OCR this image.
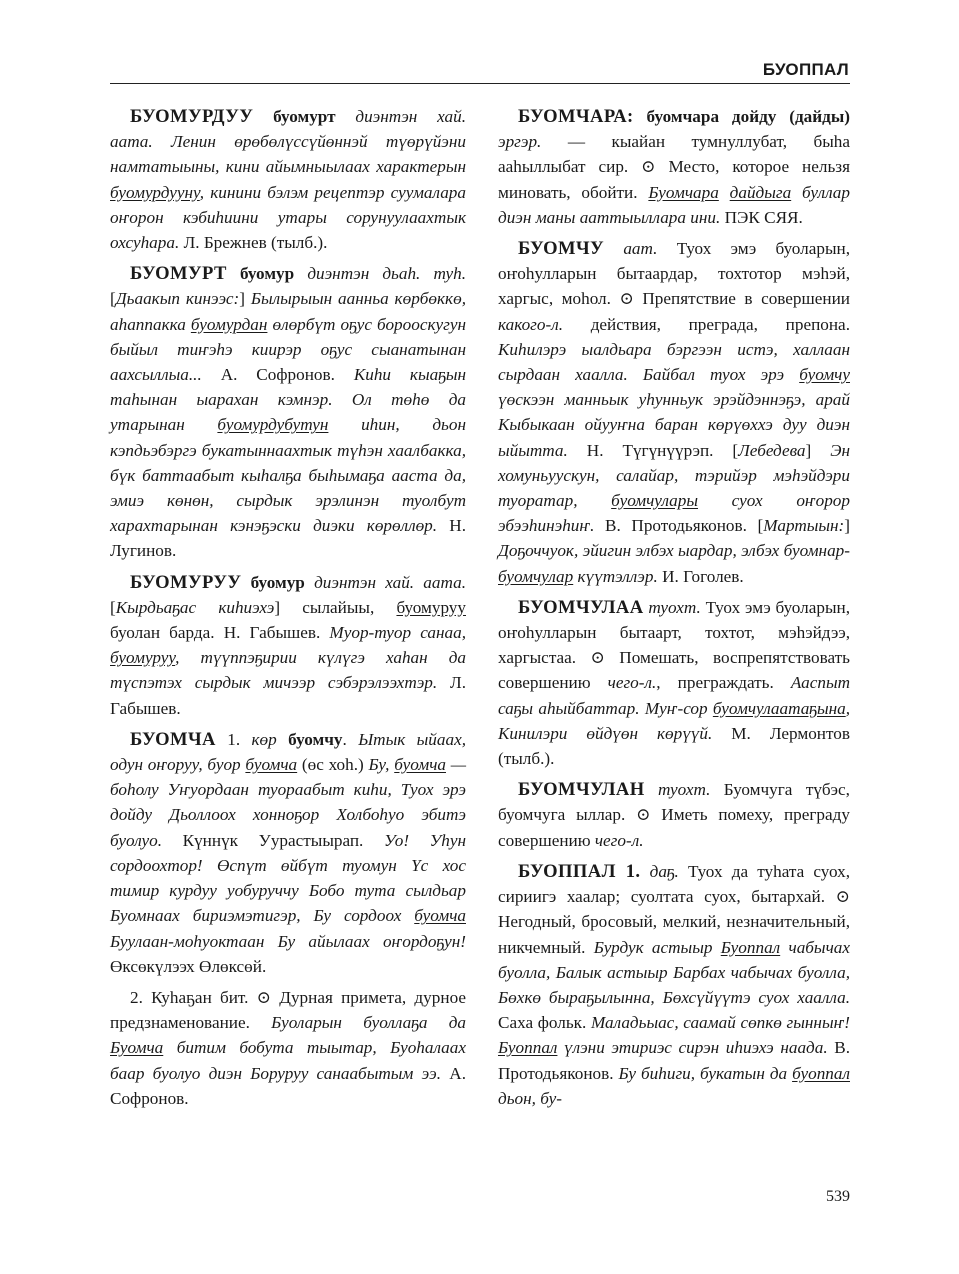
БУОППАЛ

БУОМУРДУУ буомурт диэнтэн хай. аата. Ленин өрөбөлүссүйөннэй түөрүйэни намтатыыны, кини айымныылаах характерын буомурдууну, кинини бэлэм рецептэр суумалара оҥорон кэбиһиини утары сорунуулаахтык охсуһара. Л. Брежнев (тылб.).

БУОМУРТ буомур диэнтэн дьаһ. туһ. [Дьаакып кинээс:] Былырыын аанньа көрбөккө, аһаппакка буомурдан өлөрбүт оҕус борооскугун быйыл тиҥэһэ киирэр оҕус сыанатынан аахсыллыа... А. Софронов. Киһи кыаҕын таһынан ыарахан кэмнэр. Ол төһө да утарынан буомурдубутун иһин, дьон кэпдьэбэргэ букатыннаахтык түһэн хаалбакка, бүк баттаабыт кыһалҕа быһымаҕа ааста да, эмиэ көнөн, сырдык эрэлинэн туолбут харахтарынан кэнэҕэски диэки көрөллөр. Н. Лугинов.

БУОМУРУУ буомур диэнтэн хай. аата. [Кырдьаҕас киһиэхэ] сылайыы, буомуруу буолан барда. Н. Габышев. Муор-туор санаа, буомуруу, түүппэҕирии күлүгэ хаһан да түспэтэх сырдык мичээр сэбэрэлээхтэр. Л. Габышев.

БУОМЧА 1. көр буомчу. Ытык ыйаах, одун оҥоруу, буор буомча (өс хоһ.) Бу, буомча — боһолу Уҥуордаан туораабыт киһи, Туох эрэ дойду Дьоллоох хонноҕор Холбоһуо эбитэ буолуо. Күннүк Уурастыырап. Уо! Уһун сордоохтор! Өспүт өйбүт туомун Үс хос тимир курдуу уобуруччу Бобо тута сылдьар Буомнаах бириэмэтигэр, Бу сордоох буомча Буулаан-моһуоктаан Бу айылаах оҥордоҕун! Өксөкүлээх Өлөксөй.

2. Куһаҕан бит. ⊙ Дурная примета, дурное предзнаменование. Буоларын буоллаҕа да Буомча битим бобута тыытар, Буоһалаах баар буолуо диэн Боруруу санаабытым ээ. А. Софронов.

БУОМЧАРА: буомчара дойду (дайды) эргэр. — кыайан тумнуллубат, быһа ааһыллыбат сир. ⊙ Место, которое нельзя миновать, обойти. Буомчара дайдыга буллар диэн маны ааттыыллара ини. ПЭК СЯЯ.

БУОМЧУ аат. Туох эмэ буоларын, оҥоһулларын бытаардар, тохтотор мэһэй, харгыс, моһол. ⊙ Препятствие в совершении какого-л. действия, преграда, препона. Киһилэрэ ыалдьара бэргээн истэ, халлаан сырдаан хаалла. Байбал туох эрэ буомчу үөскээн манньык уһунньук эрэйдэннэҕэ, арай Кыбыкаан ойууҥна баран көрүөххэ дуу диэн ыйытта. Н. Түгүнүүрэп. [Лебедева] Эн хомуньуускун, салайар, тэрийэр мэһэйдэри туоратар, буомчулары суох оҥорор эбээһинэһиҥ. В. Протодьяконов. [Мартыын:] Доҕоччуок, эйигин элбэх ыардар, элбэх буомнар-буомчулар күүтэллэр. И. Гоголев.

БУОМЧУЛАА туохт. Туох эмэ буоларын, оҥоһулларын бытаарт, тохтот, мэһэйдээ, харгыстаа. ⊙ Помешать, воспрепятствовать совершению чего-л., преграждать. Ааспыт саҕы аһыйбаттар. Муҥ-сор буомчулаатаҕына, Кинилэри өйдүөн көрүүй. М. Лермонтов (тылб.).

БУОМЧУЛАН туохт. Буомчуга түбэс, буомчуга ыллар. ⊙ Иметь помеху, преграду совершению чего-л.

БУОППАЛ 1. даҕ. Туох да туһата суох, сириигэ хаалар; суолтата суох, бытархай. ⊙ Негодный, бросовый, мелкий, незначительный, никчемный. Бурдук астыыр Буоппал чабычах буолла, Балык астыыр Барбах чабычах буолла, Бөхкө быраҕылынна, Бөхсүйүүтэ суох хаалла. Саха фольк. Маладьыас, саамай сөпкө гынныҥ! Буоппал үлэни этириэс сирэн иһиэхэ наада. В. Протодьяконов. Бу биһиги, букатын да буоппал дьон, бу-

539
